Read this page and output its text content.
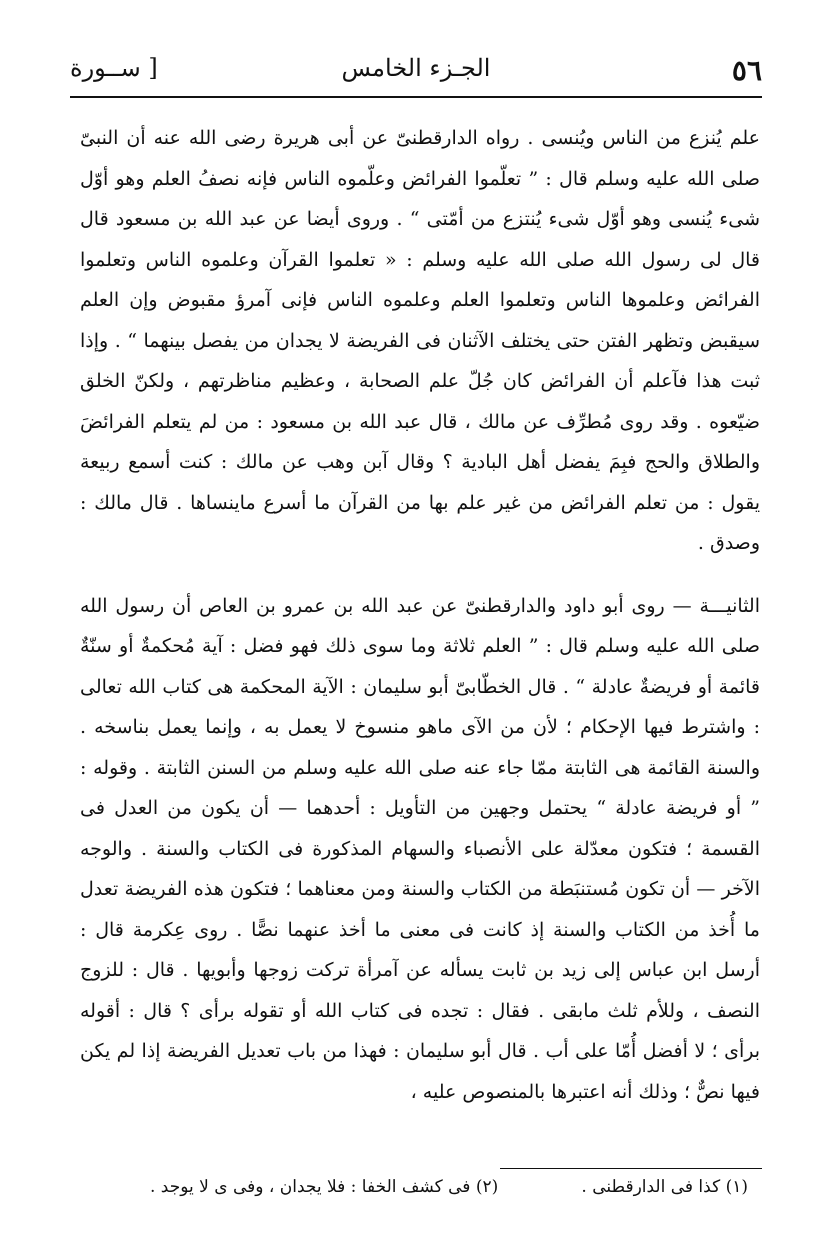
٥٦
الجـزء الخامس
[ ســورة

علم يُنزع من الناس ويُنسى . رواه الدارقطنىّ عن أبى هريرة رضى الله عنه أن النبىّ صلى الله عليه وسلم قال : ” تعلّموا الفرائض وعلّموه الناس فإنه نصفُ العلم وهو أوّل شىء يُنسى وهو أوّل شىء يُنتزع من أمّتى “ . وروى أيضا عن عبد الله بن مسعود قال قال لى رسول الله صلى الله عليه وسلم : « تعلموا القرآن وعلموه الناس وتعلموا الفرائض وعلموها الناس وتعلموا العلم وعلموه الناس فإنى آمرؤ مقبوض وإن العلم سيقبض وتظهر الفتن حتى يختلف الآثنان فى الفريضة لا يجدان من يفصل بينهما “ . وإذا ثبت هذا فآعلم أن الفرائض كان جُلّ علم الصحابة ، وعظيم مناظرتهم ، ولكنّ الخلق ضيّعوه . وقد روى مُطرِّف عن مالك ، قال عبد الله بن مسعود : من لم يتعلم الفرائضَ والطلاق والحج فبِمَ يفضل أهل البادية ؟ وقال آبن وهب عن مالك : كنت أسمع ربيعة يقول : من تعلم الفرائض من غير علم بها من القرآن ما أسرع ماينساها . قال مالك : وصدق .

الثانيـــة — روى أبو داود والدارقطنىّ عن عبد الله بن عمرو بن العاص أن رسول الله صلى الله عليه وسلم قال : ” العلم ثلاثة وما سوى ذلك فهو فضل : آية مُحكمةٌ أو سنّةٌ قائمة أو فريضةٌ عادلة “ . قال الخطّابىّ أبو سليمان : الآية المحكمة هى كتاب الله تعالى : واشترط فيها الإحكام ؛ لأن من الآى ماهو منسوخ لا يعمل به ، وإنما يعمل بناسخه . والسنة القائمة هى الثابتة ممّا جاء عنه صلى الله عليه وسلم من السنن الثابتة . وقوله : ” أو فريضة عادلة “ يحتمل وجهين من التأويل : أحدهما — أن يكون من العدل فى القسمة ؛ فتكون معدّلة على الأنصباء والسهام المذكورة فى الكتاب والسنة . والوجه الآخر — أن تكون مُستنبَطة من الكتاب والسنة ومن معناهما ؛ فتكون هذه الفريضة تعدل ما أُخذ من الكتاب والسنة إذ كانت فى معنى ما أخذ عنهما نصًّا . روى عِكرمة قال : أرسل ابن عباس إلى زيد بن ثابت يسأله عن آمرأة تركت زوجها وأبويها . قال : للزوج النصف ، وللأم ثلث مابقى . فقال : تجده فى كتاب الله أو تقوله برأى ؟ قال : أقوله برأى ؛ لا أفضل أُمّا على أب . قال أبو سليمان : فهذا من باب تعديل الفريضة إذا لم يكن فيها نصٌّ ؛ وذلك أنه اعتبرها بالمنصوص عليه ،

(١) كذا فى الدارقطنى .
(٢) فى كشف الخفا : فلا يجدان ، وفى ى لا يوجد .
